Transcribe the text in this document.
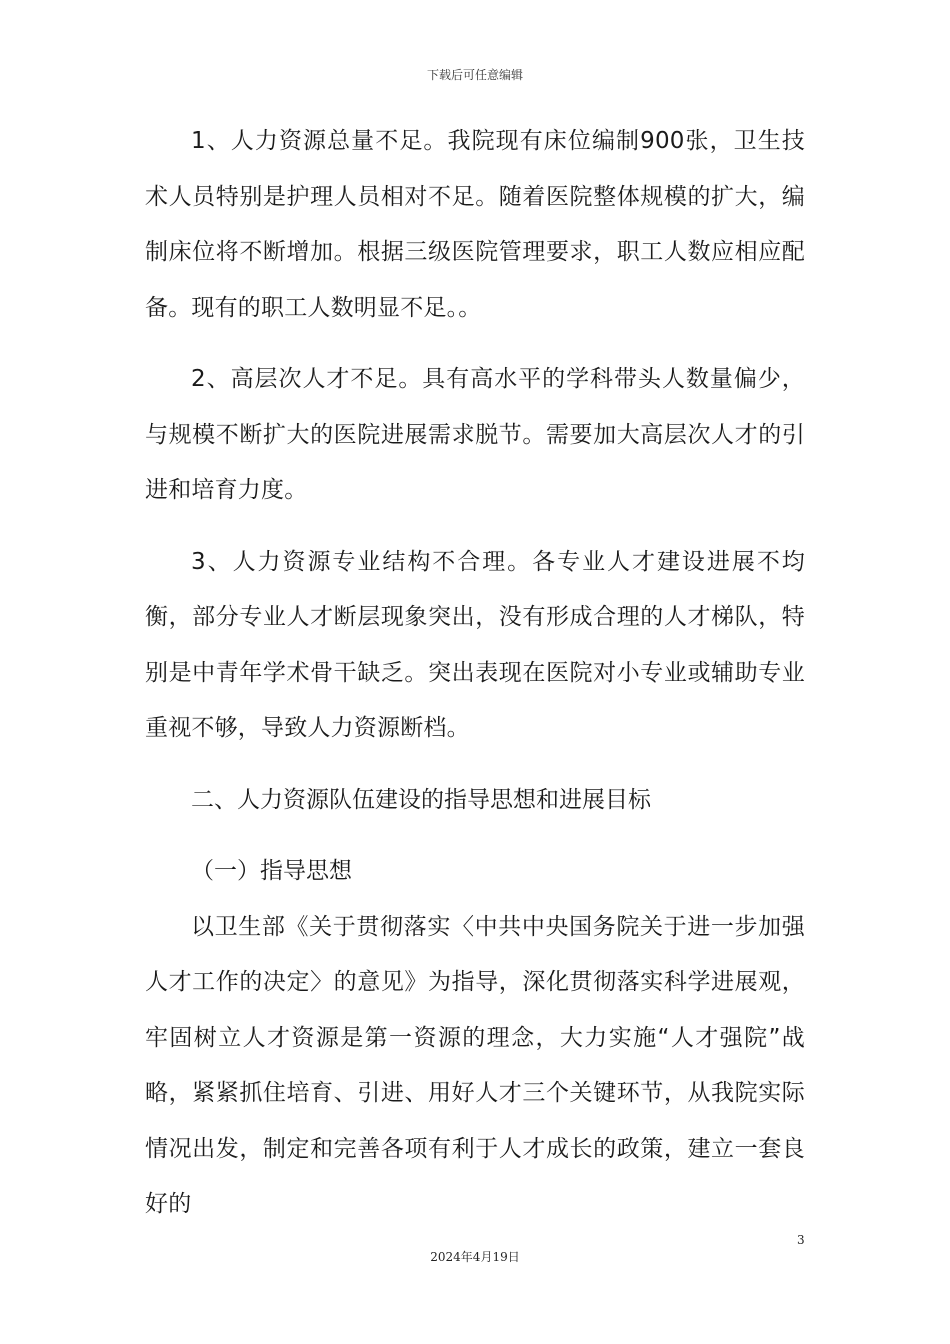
下载后可任意编辑

1、人力资源总量不足。我院现有床位编制900张，卫生技术人员特别是护理人员相对不足。随着医院整体规模的扩大，编制床位将不断增加。根据三级医院管理要求，职工人数应相应配备。现有的职工人数明显不足。。

2、高层次人才不足。具有高水平的学科带头人数量偏少，与规模不断扩大的医院进展需求脱节。需要加大高层次人才的引进和培育力度。

3、人力资源专业结构不合理。各专业人才建设进展不均衡，部分专业人才断层现象突出，没有形成合理的人才梯队，特别是中青年学术骨干缺乏。突出表现在医院对小专业或辅助专业重视不够，导致人力资源断档。

二、人力资源队伍建设的指导思想和进展目标

（一）指导思想

以卫生部《关于贯彻落实〈中共中央国务院关于进一步加强人才工作的决定〉的意见》为指导，深化贯彻落实科学进展观，牢固树立人才资源是第一资源的理念，大力实施“人才强院”战略，紧紧抓住培育、引进、用好人才三个关键环节，从我院实际情况出发，制定和完善各项有利于人才成长的政策，建立一套良好的

3
2024年4月19日
